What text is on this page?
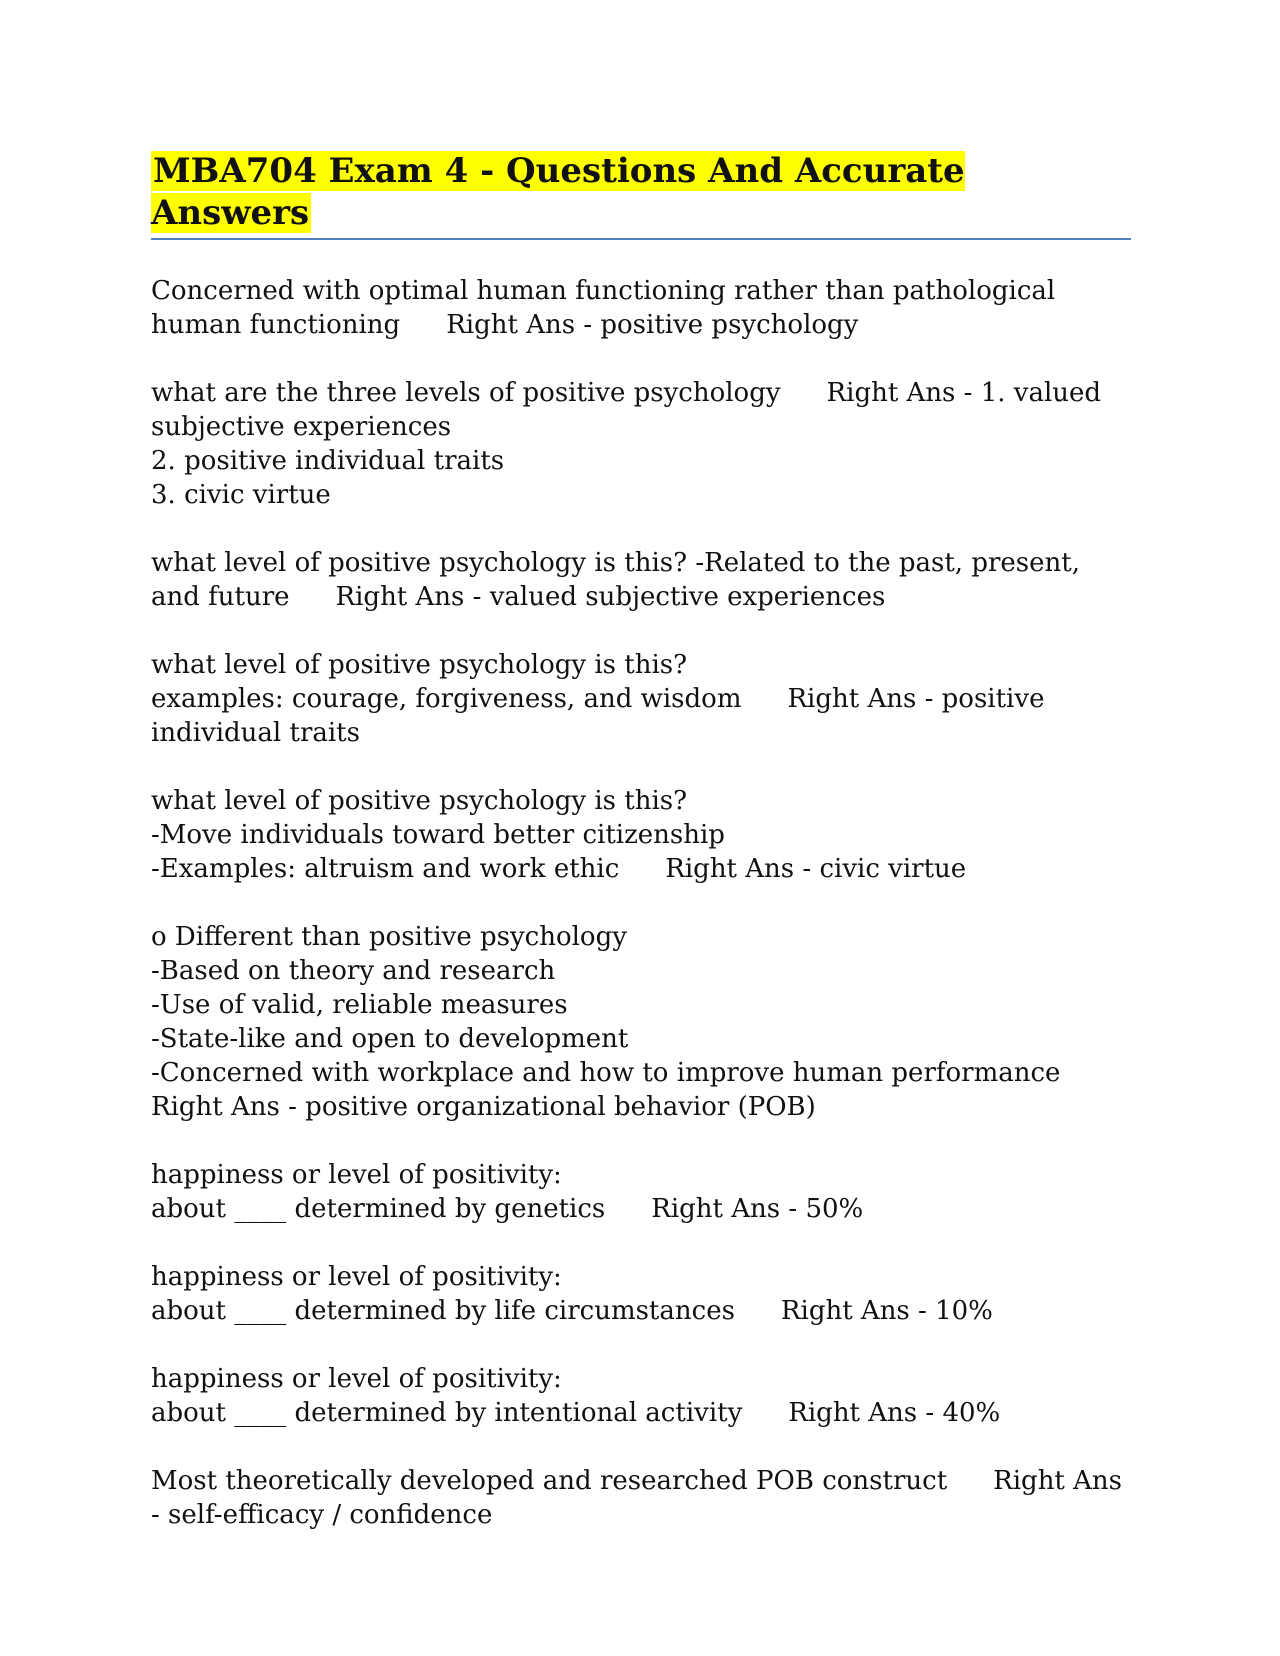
MBA704 Exam 4 - Questions And Accurate Answers
Concerned with optimal human functioning rather than pathological human functioning Right Ans - positive psychology
what are the three levels of positive psychology Right Ans - 1. valued subjective experiences
2. positive individual traits
3. civic virtue
what level of positive psychology is this? -Related to the past, present, and future Right Ans - valued subjective experiences
what level of positive psychology is this?
examples: courage, forgiveness, and wisdom Right Ans - positive individual traits
what level of positive psychology is this?
-Move individuals toward better citizenship
-Examples: altruism and work ethic Right Ans - civic virtue
o Different than positive psychology
-Based on theory and research
-Use of valid, reliable measures
-State-like and open to development
-Concerned with workplace and how to improve human performanceRight Ans - positive organizational behavior (POB)
happiness or level of positivity:
about ____ determined by genetics Right Ans - 50%
happiness or level of positivity:
about ____ determined by life circumstances Right Ans - 10%
happiness or level of positivity:
about ____ determined by intentional activity Right Ans - 40%
Most theoretically developed and researched POB construct Right Ans - self-efficacy / confidence
